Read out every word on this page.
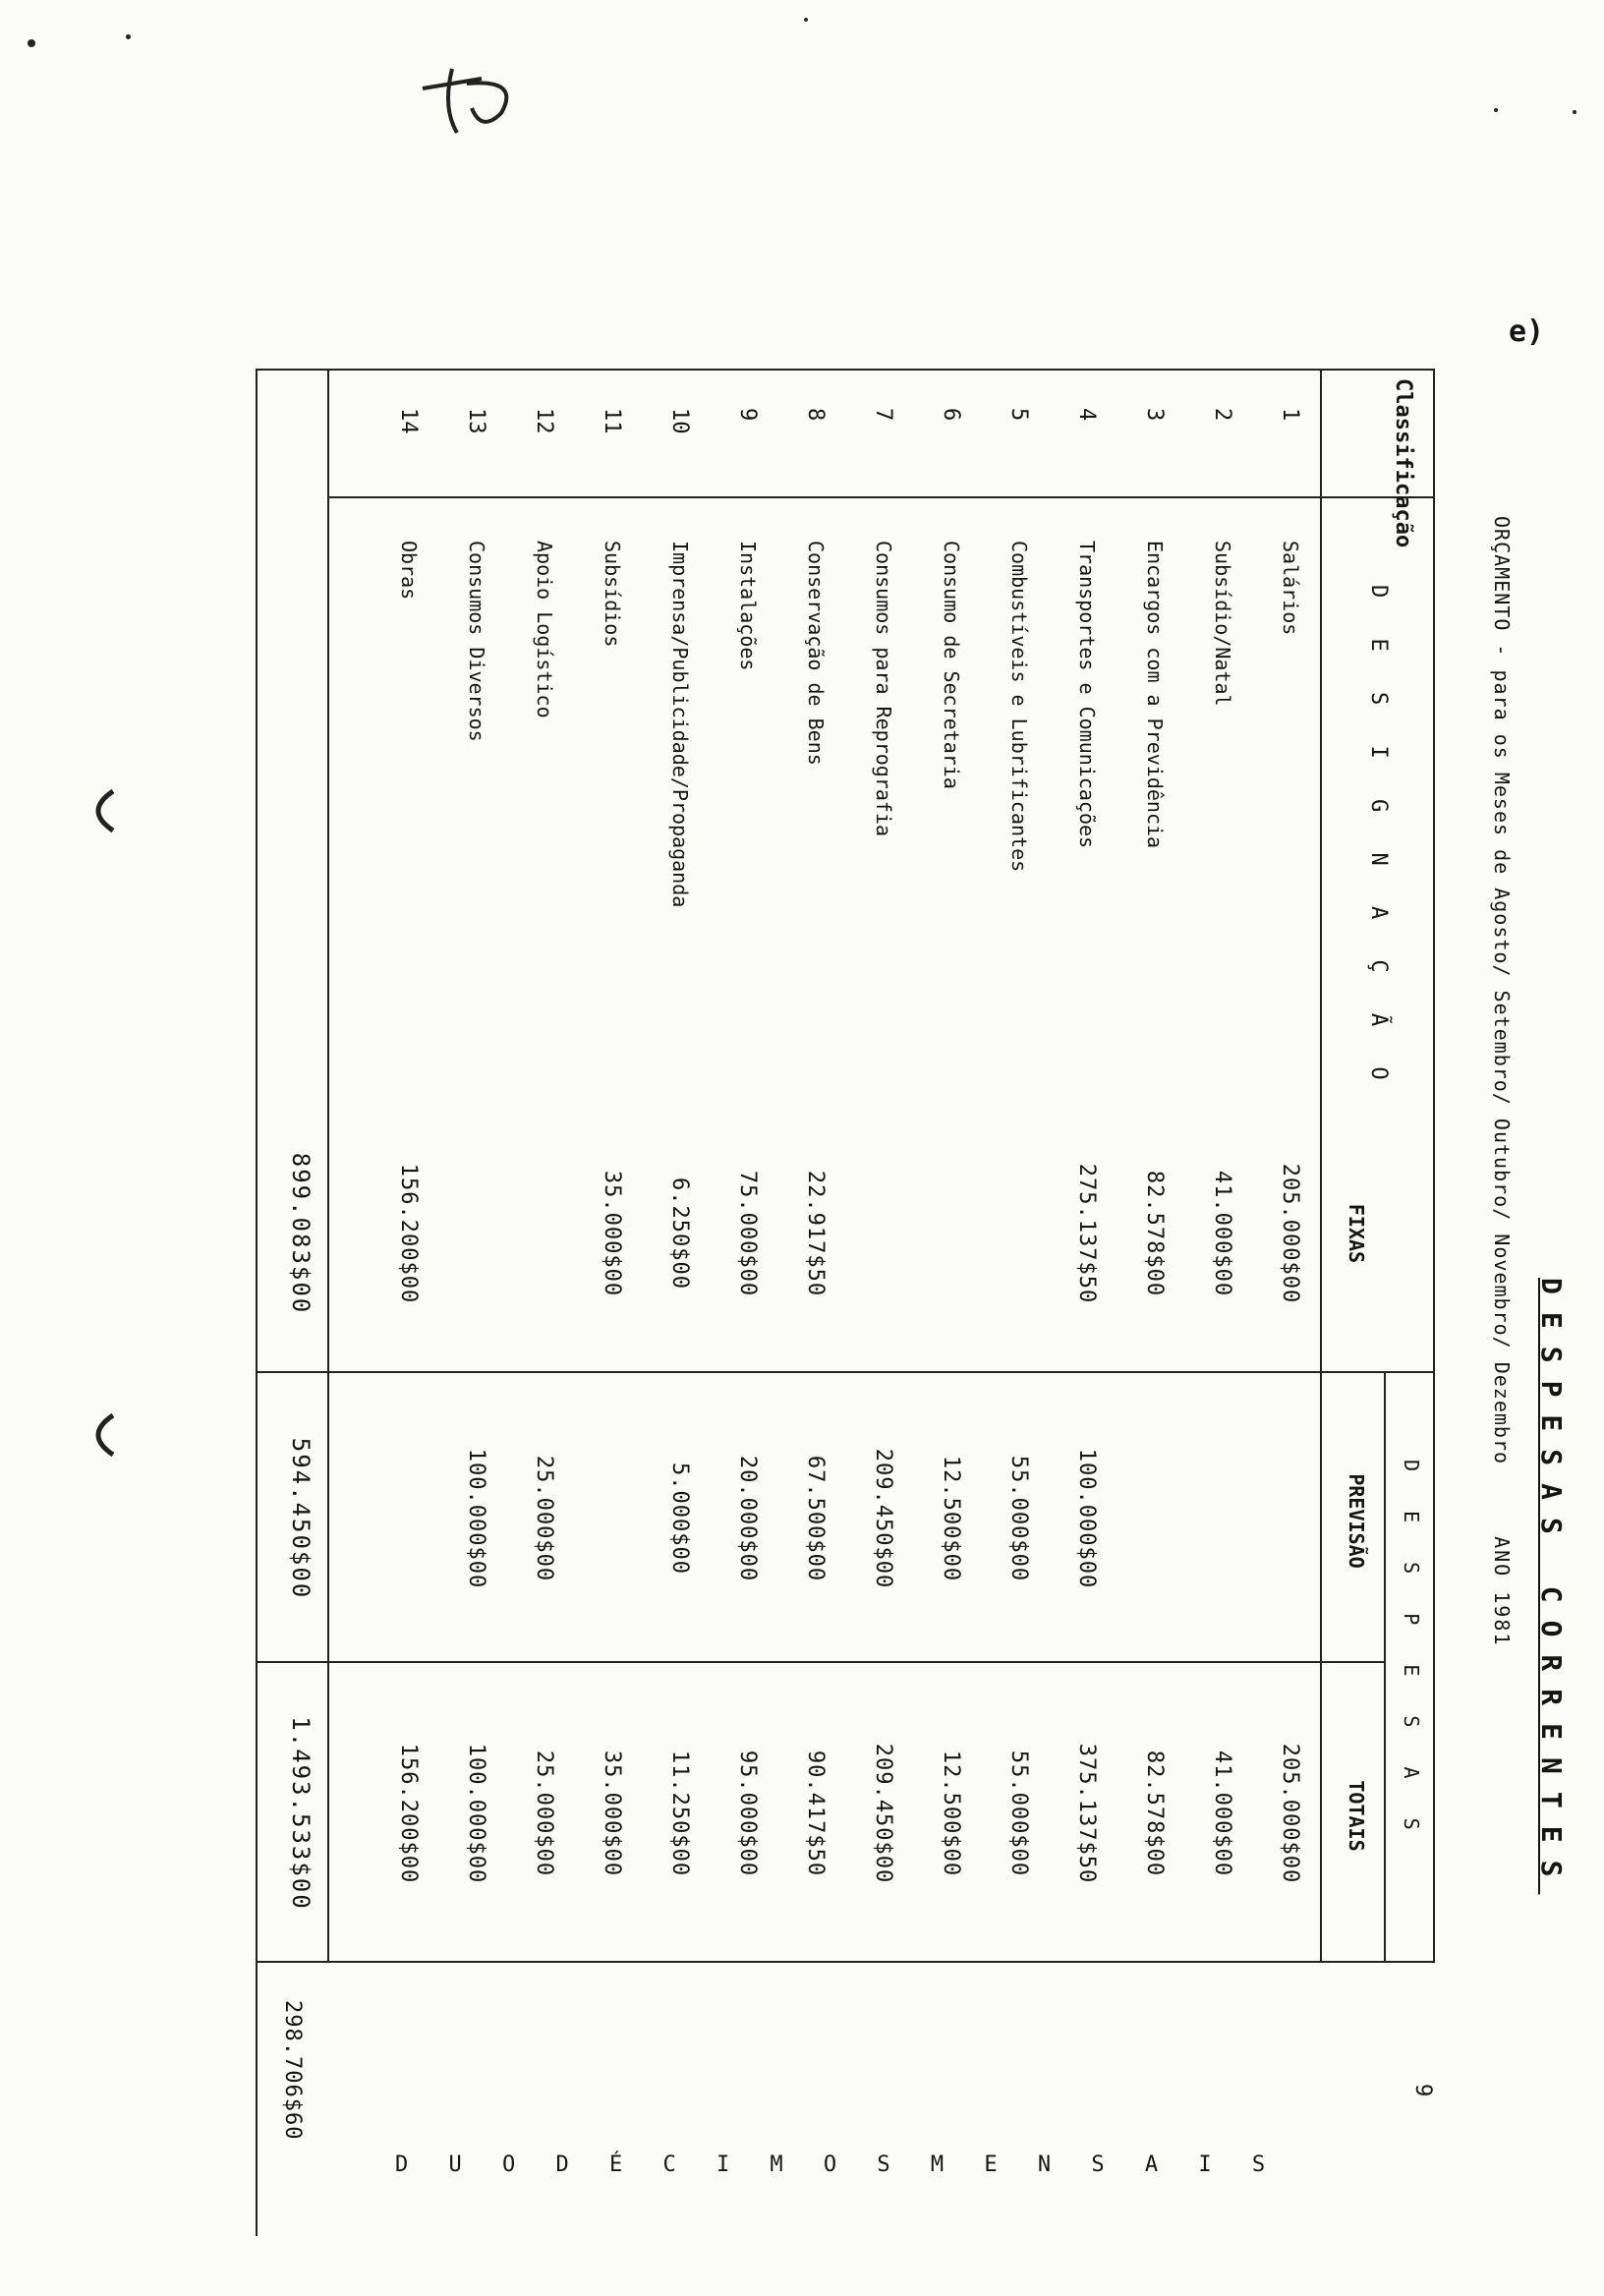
e)
9
DESPESAS CORRENTES
ORÇAMENTO - para os Meses de Agosto/ Setembro/ Outubro/ Novembro/ Dezembro ANO 1981
Classificação
D E S I G N A Ç Ã O
D E S P E S A S
FIXAS
PREVISÃO
TOTAIS
1
Salários
205.000$00
205.000$00
2
Subsídio/Natal
41.000$00
41.000$00
3
Encargos com a Previdência
82.578$00
82.578$00
4
Transportes e Comunicações
275.137$50
100.000$00
375.137$50
5
Combustíveis e Lubrificantes
55.000$00
55.000$00
6
Consumo de Secretaria
12.500$00
12.500$00
7
Consumos para Reprografia
209.450$00
209.450$00
8
Conservação de Bens
22.917$50
67.500$00
90.417$50
9
Instalações
75.000$00
20.000$00
95.000$00
10
Imprensa/Publicidade/Propaganda
6.250$00
5.000$00
11.250$00
11
Subsídios
35.000$00
35.000$00
12
Apoio Logístico
25.000$00
25.000$00
13
Consumos Diversos
100.000$00
100.000$00
14
Obras
156.200$00
156.200$00
899.083$00
594.450$00
1.493.533$00
298.706$60
D U O D É C I M O S M E N S A I S
